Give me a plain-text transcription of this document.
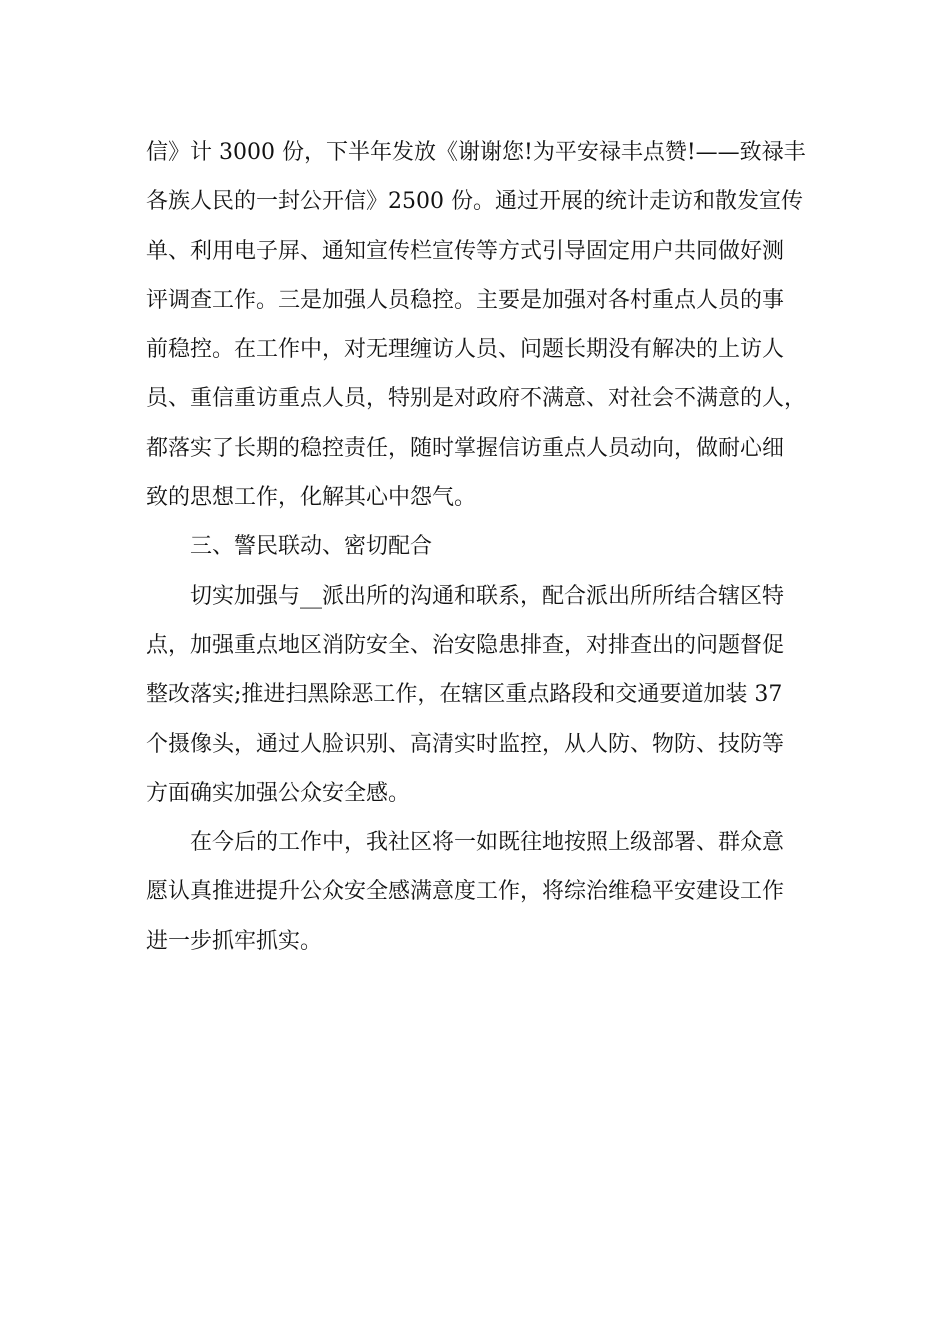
信》计 3000 份，下半年发放《谢谢您!为平安禄丰点赞!——致禄丰
各族人民的一封公开信》2500 份。通过开展的统计走访和散发宣传
单、利用电子屏、通知宣传栏宣传等方式引导固定用户共同做好测
评调查工作。三是加强人员稳控。主要是加强对各村重点人员的事
前稳控。在工作中，对无理缠访人员、问题长期没有解决的上访人
员、重信重访重点人员，特别是对政府不满意、对社会不满意的人，
都落实了长期的稳控责任，随时掌握信访重点人员动向，做耐心细
致的思想工作，化解其心中怨气。
三、警民联动、密切配合
切实加强与__派出所的沟通和联系，配合派出所所结合辖区特
点，加强重点地区消防安全、治安隐患排查，对排查出的问题督促
整改落实;推进扫黑除恶工作，在辖区重点路段和交通要道加装 37
个摄像头，通过人脸识别、高清实时监控，从人防、物防、技防等
方面确实加强公众安全感。
在今后的工作中，我社区将一如既往地按照上级部署、群众意
愿认真推进提升公众安全感满意度工作，将综治维稳平安建设工作
进一步抓牢抓实。
